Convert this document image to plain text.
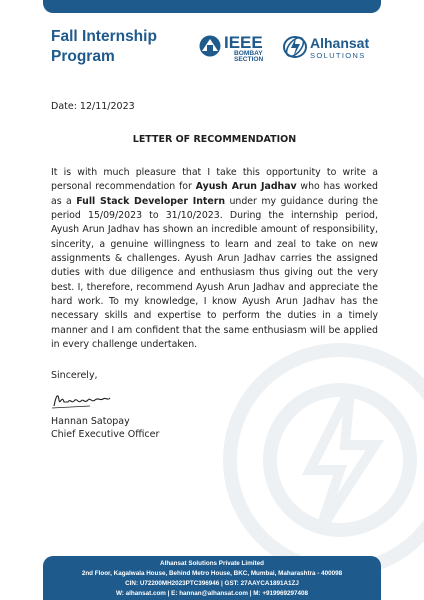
Fall Internship
Program
IEEE
BOMBAY
SECTION
Alhansat
SOLUTIONS
Date: 12/11/2023
LETTER OF RECOMMENDATION
It is with much pleasure that I take this opportunity to write a personal recommendation for Ayush Arun Jadhav who has worked as a Full Stack Developer Intern under my guidance during the period 15/09/2023 to 31/10/2023. During the internship period, Ayush Arun Jadhav has shown an incredible amount of responsibility, sincerity, a genuine willingness to learn and zeal to take on new assignments & challenges. Ayush Arun Jadhav carries the assigned duties with due diligence and enthusiasm thus giving out the very best. I, therefore, recommend Ayush Arun Jadhav and appreciate the hard work. To my knowledge, I know Ayush Arun Jadhav has the necessary skills and expertise to perform the duties in a timely manner and I am confident that the same enthusiasm will be applied in every challenge undertaken.
Sincerely,
Hannan Satopay
Chief Executive Officer
Alhansat Solutions Private Limited
2nd Floor, Kagalwala House, Behind Metro House, BKC, Mumbai, Maharashtra - 400098
CIN: U72200MH2023PTC396946 | GST: 27AAYCA1891A1ZJ
W: alhansat.com | E: hannan@alhansat.com | M: +919969297408
